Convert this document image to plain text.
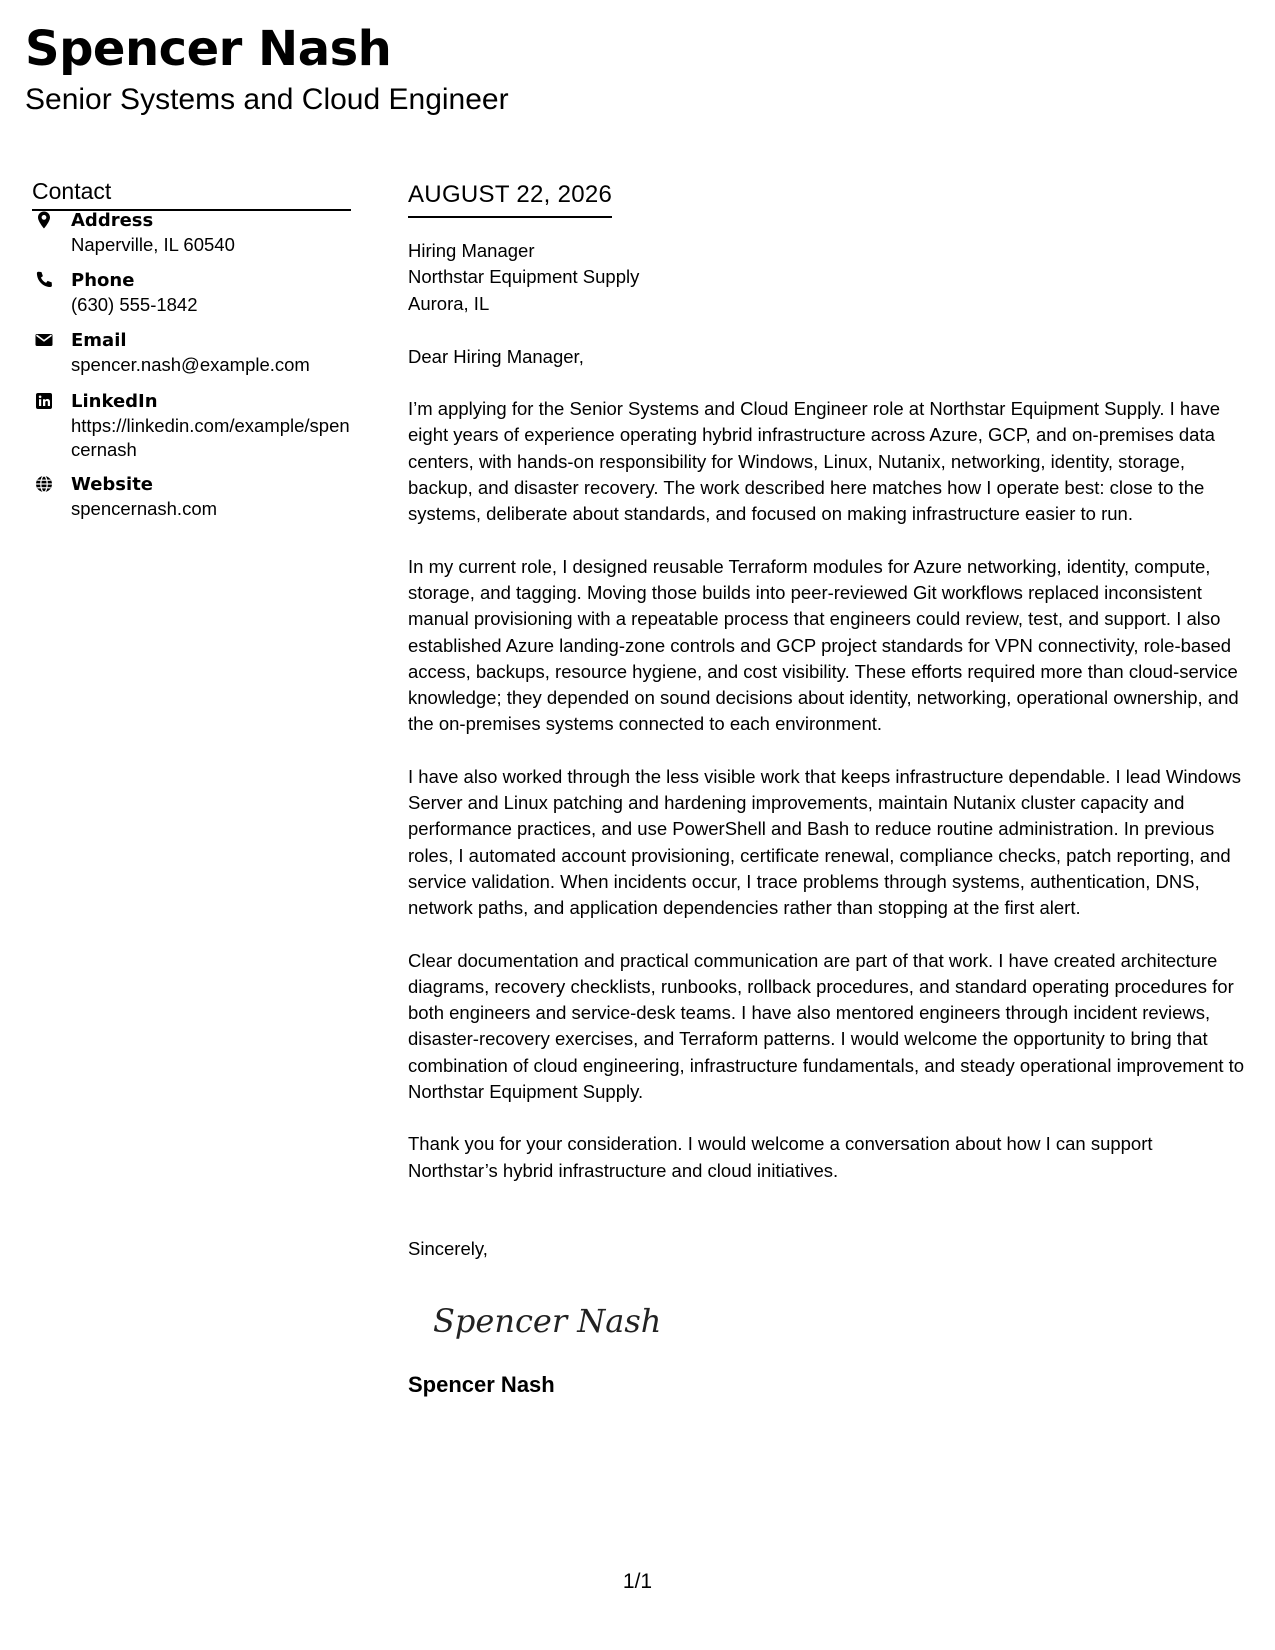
Spencer Nash
Senior Systems and Cloud Engineer
Contact
Address
Naperville, IL 60540
Phone
(630) 555-1842
Email
spencer.nash@example.com
LinkedIn
https://linkedin.com/example/spencernash
Website
spencernash.com
AUGUST 22, 2026
Hiring Manager
Northstar Equipment Supply
Aurora, IL
Dear Hiring Manager,

I’m applying for the Senior Systems and Cloud Engineer role at Northstar Equipment Supply. I have eight years of experience operating hybrid infrastructure across Azure, GCP, and on-premises data centers, with hands-on responsibility for Windows, Linux, Nutanix, networking, identity, storage, backup, and disaster recovery. The work described here matches how I operate best: close to the systems, deliberate about standards, and focused on making infrastructure easier to run.

In my current role, I designed reusable Terraform modules for Azure networking, identity, compute, storage, and tagging. Moving those builds into peer-reviewed Git workflows replaced inconsistent manual provisioning with a repeatable process that engineers could review, test, and support. I also established Azure landing-zone controls and GCP project standards for VPN connectivity, role-based access, backups, resource hygiene, and cost visibility. These efforts required more than cloud-service knowledge; they depended on sound decisions about identity, networking, operational ownership, and the on-premises systems connected to each environment.

I have also worked through the less visible work that keeps infrastructure dependable. I lead Windows Server and Linux patching and hardening improvements, maintain Nutanix cluster capacity and performance practices, and use PowerShell and Bash to reduce routine administration. In previous roles, I automated account provisioning, certificate renewal, compliance checks, patch reporting, and service validation. When incidents occur, I trace problems through systems, authentication, DNS, network paths, and application dependencies rather than stopping at the first alert.

Clear documentation and practical communication are part of that work. I have created architecture diagrams, recovery checklists, runbooks, rollback procedures, and standard operating procedures for both engineers and service-desk teams. I have also mentored engineers through incident reviews, disaster-recovery exercises, and Terraform patterns. I would welcome the opportunity to bring that combination of cloud engineering, infrastructure fundamentals, and steady operational improvement to Northstar Equipment Supply.

Thank you for your consideration. I would welcome a conversation about how I can support Northstar’s hybrid infrastructure and cloud initiatives.

Sincerely,
Spencer Nash
Spencer Nash
1/1
